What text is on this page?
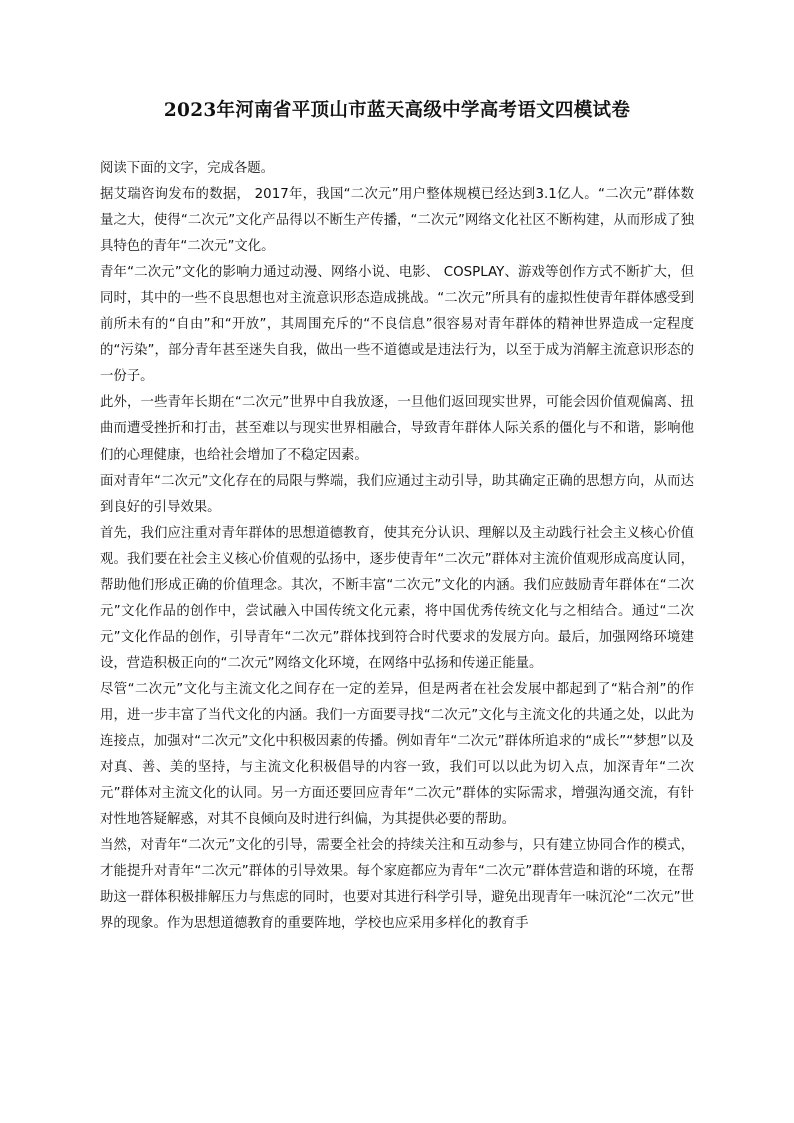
2023年河南省平顶山市蓝天高级中学高考语文四模试卷

阅读下面的文字，完成各题。

据艾瑞咨询发布的数据， 2017年，我国“二次元”用户整体规模已经达到3.1亿人。“二次元”群体数量之大，使得“二次元”文化产品得以不断生产传播，“二次元”网络文化社区不断构建，从而形成了独具特色的青年“二次元”文化。

青年“二次元”文化的影响力通过动漫、网络小说、电影、 COSPLAY、游戏等创作方式不断扩大，但同时，其中的一些不良思想也对主流意识形态造成挑战。“二次元”所具有的虚拟性使青年群体感受到前所未有的“自由”和“开放”，其周围充斥的“不良信息”很容易对青年群体的精神世界造成一定程度的“污染”，部分青年甚至迷失自我，做出一些不道德或是违法行为，以至于成为消解主流意识形态的一份子。

此外，一些青年长期在“二次元”世界中自我放逐，一旦他们返回现实世界，可能会因价值观偏离、扭曲而遭受挫折和打击，甚至难以与现实世界相融合，导致青年群体人际关系的僵化与不和谐，影响他们的心理健康，也给社会增加了不稳定因素。

面对青年“二次元”文化存在的局限与弊端，我们应通过主动引导，助其确定正确的思想方向，从而达到良好的引导效果。

首先，我们应注重对青年群体的思想道德教育，使其充分认识、理解以及主动践行社会主义核心价值观。我们要在社会主义核心价值观的弘扬中，逐步使青年“二次元”群体对主流价值观形成高度认同，帮助他们形成正确的价值理念。其次，不断丰富“二次元”文化的内涵。我们应鼓励青年群体在“二次元”文化作品的创作中，尝试融入中国传统文化元素，将中国优秀传统文化与之相结合。通过“二次元”文化作品的创作，引导青年“二次元”群体找到符合时代要求的发展方向。最后，加强网络环境建设，营造积极正向的“二次元”网络文化环境，在网络中弘扬和传递正能量。

尽管“二次元”文化与主流文化之间存在一定的差异，但是两者在社会发展中都起到了“粘合剂”的作用，进一步丰富了当代文化的内涵。我们一方面要寻找“二次元”文化与主流文化的共通之处，以此为连接点，加强对“二次元”文化中积极因素的传播。例如青年“二次元”群体所追求的“成长”“梦想”以及对真、善、美的坚持，与主流文化积极倡导的内容一致，我们可以以此为切入点，加深青年“二次元”群体对主流文化的认同。另一方面还要回应青年“二次元”群体的实际需求，增强沟通交流，有针对性地答疑解惑，对其不良倾向及时进行纠偏，为其提供必要的帮助。

当然，对青年“二次元”文化的引导，需要全社会的持续关注和互动参与，只有建立协同合作的模式，才能提升对青年“二次元”群体的引导效果。每个家庭都应为青年“二次元”群体营造和谐的环境，在帮助这一群体积极排解压力与焦虑的同时，也要对其进行科学引导，避免出现青年一味沉沦“二次元”世界的现象。作为思想道德教育的重要阵地，学校也应采用多样化的教育手
